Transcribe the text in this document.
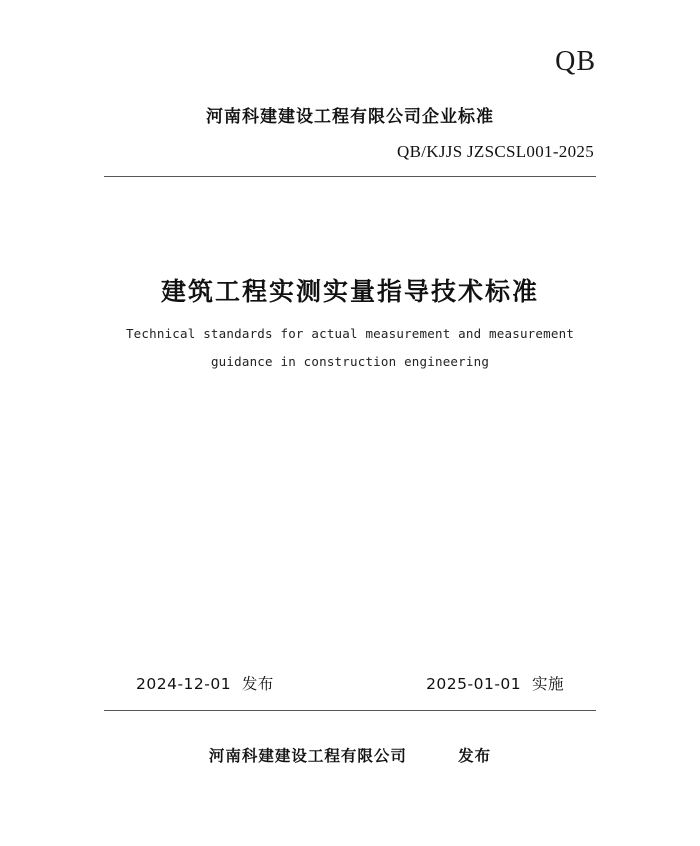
QB
河南科建建设工程有限公司企业标准
QB/KJJS JZSCSL001-2025
建筑工程实测实量指导技术标准
Technical standards for actual measurement and measurement
guidance in construction engineering
2024-12-01  发布	2025-01-01  实施
河南科建建设工程有限公司        发布
